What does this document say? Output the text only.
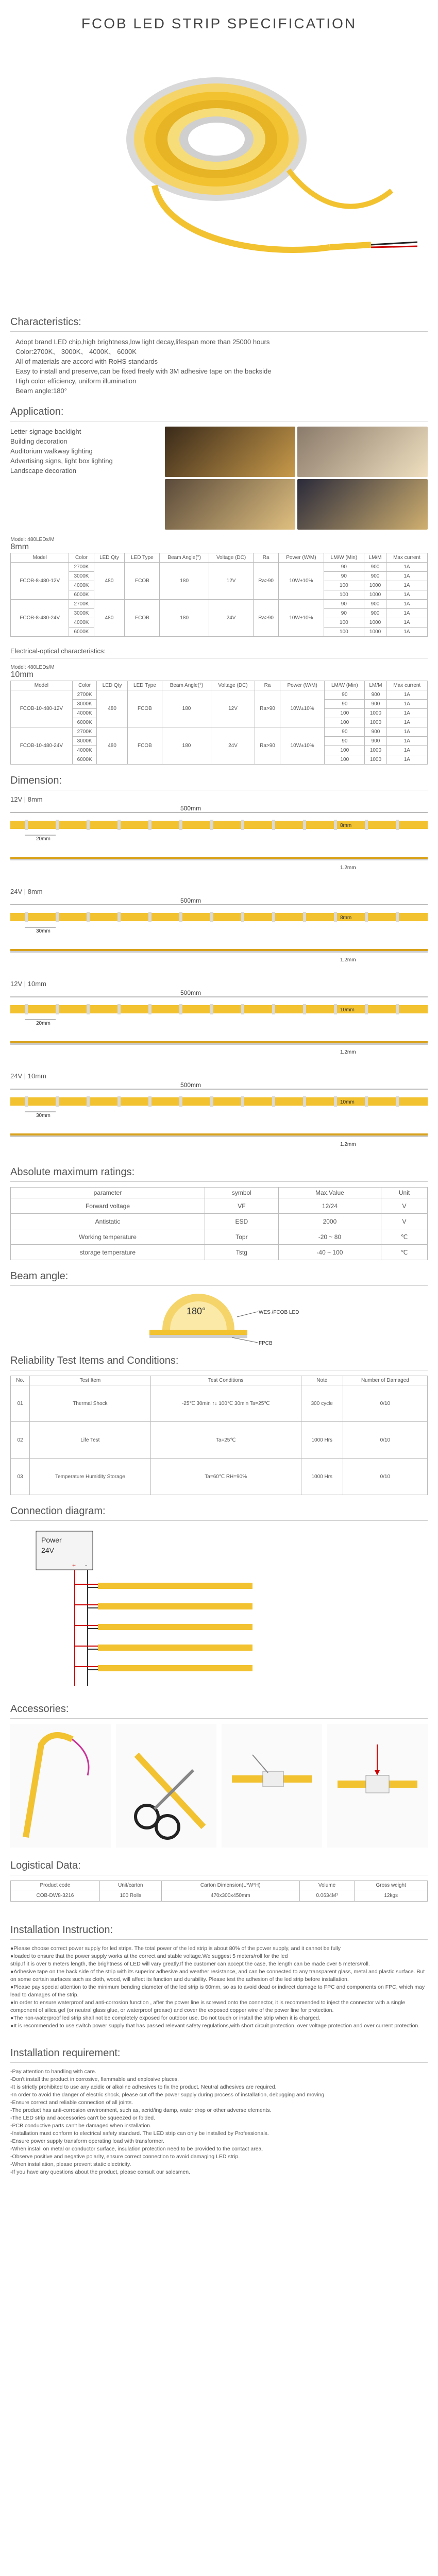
FCOB LED STRIP SPECIFICATION
Characteristics:
Adopt brand LED chip,high brightness,low light decay,lifespan more than 25000 hours
Color:2700K、 3000K、 4000K、 6000K
All of materials are accord with RoHS standards
Easy to install and preserve,can be fixed freely with 3M adhesive tape on the backside
High color efficiency, uniform illumination
Beam angle:180°
Application:
Letter signage backlight
Building decoration
Auditorium walkway lighting
Advertising signs, light box lighting
Landscape decoration
Model: 480LEDs/M
8mm										
Model	Color	LED Qty	LED Type	Beam Angle(°)	Voltage (DC)	Ra	Power (W/M)	LM/W (Min)	LM/M	Max current
FCOB-8-480-12V	2700K	480	FCOB	180	12V	Ra>90	10W±10%	90	900	1A
	3000K							90	900	1A
	4000K							100	1000	1A
	6000K							100	1000	1A
FCOB-8-480-24V	2700K	480	FCOB	180	24V	Ra>90	10W±10%	90	900	1A
	3000K							90	900	1A
	4000K							100	1000	1A
	6000K							100	1000	1A
Electrical-optical characteristics:
Model: 480LEDs/M
10mm										
Model	Color	LED Qty	LED Type	Beam Angle(°)	Voltage (DC)	Ra	Power (W/M)	LM/W (Min)	LM/M	Max current
FCOB-10-480-12V	2700K	480	FCOB	180	12V	Ra>90	10W±10%	90	900	1A
	3000K							90	900	1A
	4000K							100	1000	1A
	6000K							100	1000	1A
FCOB-10-480-24V	2700K	480	FCOB	180	24V	Ra>90	10W±10%	90	900	1A
	3000K							90	900	1A
	4000K							100	1000	1A
	6000K							100	1000	1A
Dimension:
12V | 8mm
500mm
20mm
8mm
1.2mm
24V | 8mm
500mm
30mm
8mm
1.2mm
12V | 10mm
500mm
20mm
10mm
1.2mm
24V | 10mm
500mm
30mm
10mm
1.2mm
Absolute maximum ratings:
parameter	symbol	Max.Value	Unit
Forward voltage	VF	12/24	V
Antistatic	ESD	2000	V
Working temperature	Topr	-20 ~ 80	℃
storage temperature	Tstg	-40 ~ 100	℃
Beam angle:
180°	WES /FCOB LED
FPCB
Reliability Test Items and Conditions:
No.	Test Item	Test Conditions	Note	Number of Damaged
01	Thermal Shock	-25℃ 30min ↑↓ 100℃ 30min Ta=25℃	300 cycle	0/10
02	Life Test	Ta=25℃	1000 Hrs	0/10
03	Temperature Humidity Storage	Ta=60℃ RH=90%	1000 Hrs	0/10
Connection diagram:
Power
24V
+ -
Accessories:
Logistical Data:
Product code	Unit/carton	Carton Dimension(L*W*H)	Volume	Gross weight
COB-DW8-3216	100 Rolls	470x300x450mm	0.0634M³	12kgs
Installation Instruction:
●Please choose correct power supply for led strips. The total power of the led strip is about 80% of the power supply, and it cannot be fully
●loaded to ensure that the power supply works at the correct and stable voltage.We suggest 5 meters/roll for the led
strip.If it is over 5 meters length, the brightness of LED will vary greatly.If the customer can accept the case, the length can be made over 5 meters/roll.
●Adhesive tape on the back side of the strip with its superior adhesive and weather resistance, and can be connected to any transparent glass, metal and plastic surface. But on some certain surfaces such as cloth, wood, will affect its function and durability. Please test the adhesion of the led strip before installation.
●Please pay special attention to the minimum bending diameter of the led strip is 60mm, so as to avoid dead or indirect damage to FPC and components on FPC, which may lead to damages of the strip.
●In order to ensure waterproof and anti-corrosion function , after the power line is screwed onto the connector, it is recommended to inject the connector with a single component of silica gel (or neutral glass glue, or waterproof grease) and cover the exposed copper wire of the power line for protection.
●The non-waterproof led strip shall not be completely exposed for outdoor use. Do not touch or install the strip when it is charged.
●It is recommended to use switch power supply that has passed relevant safety regulations,with short circuit protection, over voltage protection and over current protection.
Installation requirement:
-Pay attention to handling with care.
-Don't install the product in corrosive, flammable and explosive places.
-It is strictly prohibited to use any acidic or alkaline adhesives to fix the product. Neutral adhesives are required.
-In order to avoid the danger of electric shock, please cut off the power supply during process of installation, debugging and moving.
-Ensure correct and reliable connection of all joints.
-The product has anti-corrosion environment, such as, acrid/ing damp, water drop or other adverse elements.
-The LED strip and accessories can't be squeezed or folded.
-PCB conductive parts can't be damaged when installation.
-Installation must conform to electrical safety standard. The LED strip can only be installed by Professionals.
-Ensure power supply transform operating load with transformer.
-When install on metal or conductor surface, insulation protection need to be provided to the contact area.
-Observe positive and negative polarity, ensure correct connection to avoid damaging LED strip.
-When installation, please prevent static electricity.
-If you have any questions about the product, please consult our salesmen.
